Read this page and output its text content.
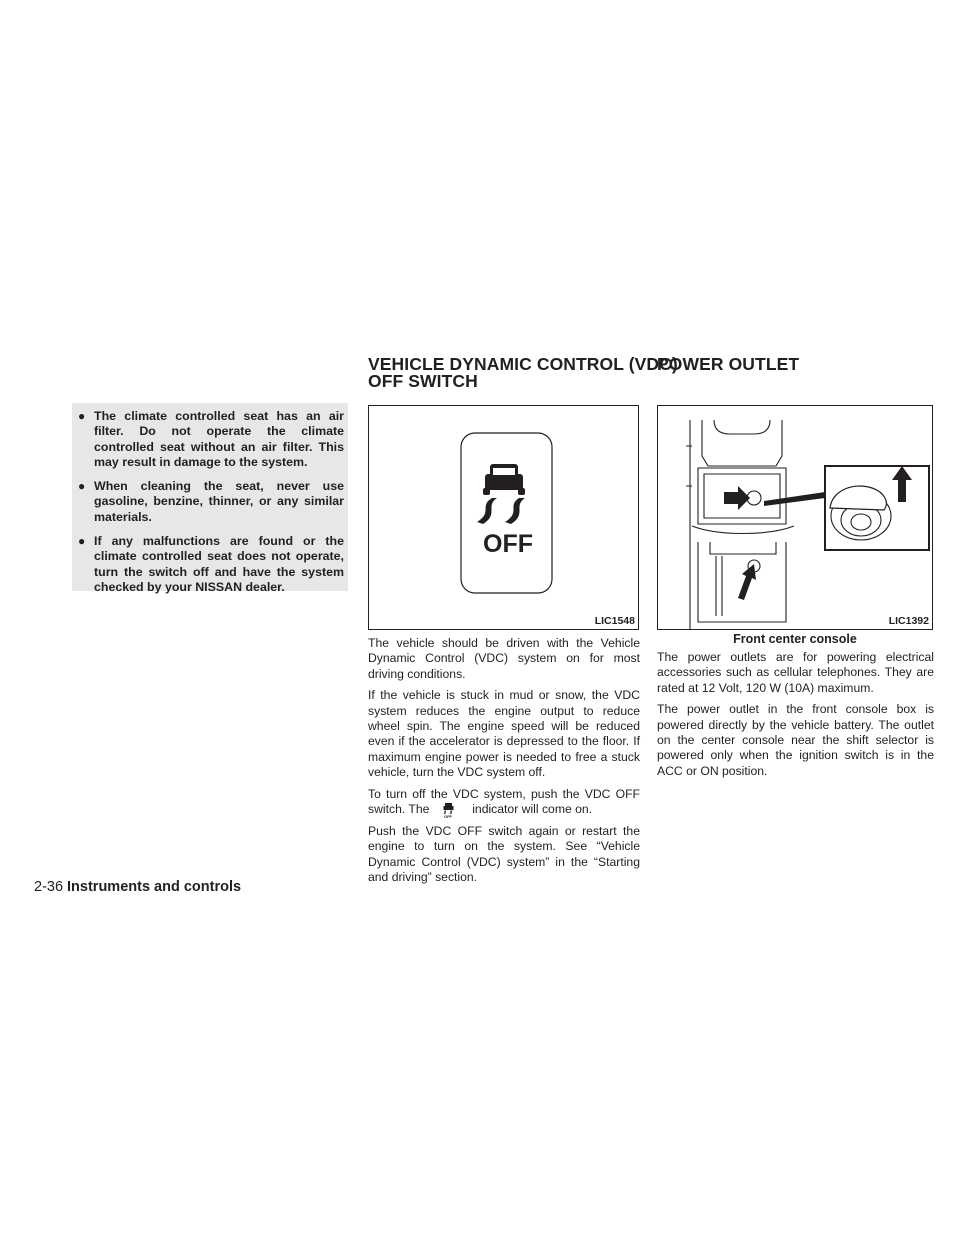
● The climate controlled seat has an air filter. Do not operate the climate controlled seat without an air filter. This may result in damage to the system.
● When cleaning the seat, never use gasoline, benzine, thinner, or any similar materials.
● If any malfunctions are found or the climate controlled seat does not operate, turn the switch off and have the system checked by your NISSAN dealer.
VEHICLE DYNAMIC CONTROL (VDC)
OFF SWITCH
OFF
LIC1548

The vehicle should be driven with the Vehicle Dynamic Control (VDC) system on for most driving conditions.

If the vehicle is stuck in mud or snow, the VDC system reduces the engine output to reduce wheel spin. The engine speed will be reduced even if the accelerator is depressed to the floor. If maximum engine power is needed to free a stuck vehicle, turn the VDC system off.

To turn off the VDC system, push the VDC OFF switch. The
OFF
indicator will come on.

Push the VDC OFF switch again or restart the engine to turn on the system. See “Vehicle Dynamic Control (VDC) system” in the “Starting and driving” section.

POWER OUTLET
LIC1392
Front center console

The power outlets are for powering electrical accessories such as cellular telephones. They are rated at 12 Volt, 120 W (10A) maximum.

The power outlet in the front console box is powered directly by the vehicle battery. The outlet on the center console near the shift selector is powered only when the ignition switch is in the ACC or ON position.

2-36 Instruments and controls
